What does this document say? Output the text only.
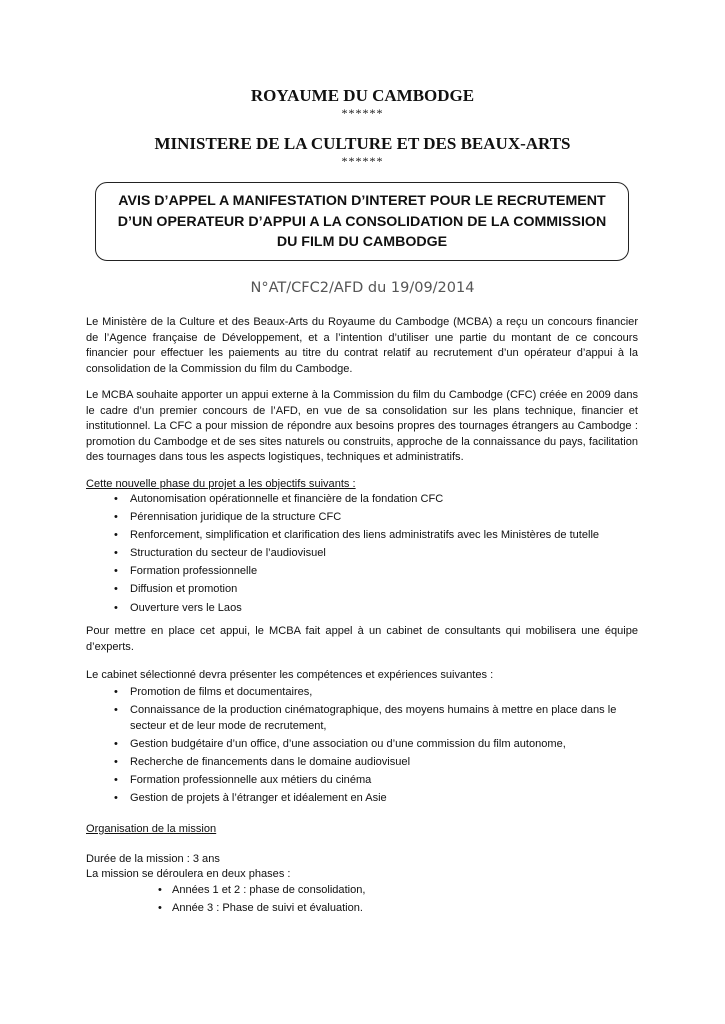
ROYAUME DU CAMBODGE
******
MINISTERE DE LA CULTURE ET DES BEAUX-ARTS
******
AVIS D’APPEL A MANIFESTATION D’INTERET POUR LE RECRUTEMENT
D’UN OPERATEUR D’APPUI A LA CONSOLIDATION DE LA COMMISSION
DU FILM DU CAMBODGE
N°AT/CFC2/AFD du 19/09/2014

Le Ministère de la Culture et des Beaux-Arts du Royaume du Cambodge (MCBA) a reçu un concours financier de l’Agence française de Développement, et a l’intention d’utiliser une partie du montant de ce concours financier pour effectuer les paiements au titre du contrat relatif au recrutement d’un opérateur d’appui à la consolidation de la Commission du film du Cambodge.

Le MCBA souhaite apporter un appui externe à la Commission du film du Cambodge (CFC) créée en 2009 dans le cadre d’un premier concours de l’AFD, en vue de sa consolidation sur les plans technique, financier et institutionnel. La CFC a pour mission de répondre aux besoins propres des tournages étrangers au Cambodge : promotion du Cambodge et de ses sites naturels ou construits, approche de la connaissance du pays, facilitation des tournages dans tous les aspects logistiques, techniques et administratifs.

Cette nouvelle phase du projet a les objectifs suivants :

• Autonomisation opérationnelle et financière de la fondation CFC
• Pérennisation juridique de la structure CFC
• Renforcement, simplification et clarification des liens administratifs avec les Ministères de tutelle
• Structuration du secteur de l’audiovisuel
• Formation professionnelle
• Diffusion et promotion
• Ouverture vers le Laos

Pour mettre en place cet appui, le MCBA fait appel à un cabinet de consultants qui mobilisera une équipe d’experts.

Le cabinet sélectionné devra présenter les compétences et expériences suivantes :

• Promotion de films et documentaires,
• Connaissance de la production cinématographique, des moyens humains à mettre en place dans le secteur et de leur mode de recrutement,
• Gestion budgétaire d’un office, d’une association ou d’une commission du film autonome,
• Recherche de financements dans le domaine audiovisuel
• Formation professionnelle aux métiers du cinéma
• Gestion de projets à l’étranger et idéalement en Asie

Organisation de la mission

Durée de la mission : 3 ans

La mission se déroulera en deux phases :

• Années 1 et 2 : phase de consolidation,
• Année 3 : Phase de suivi et évaluation.
